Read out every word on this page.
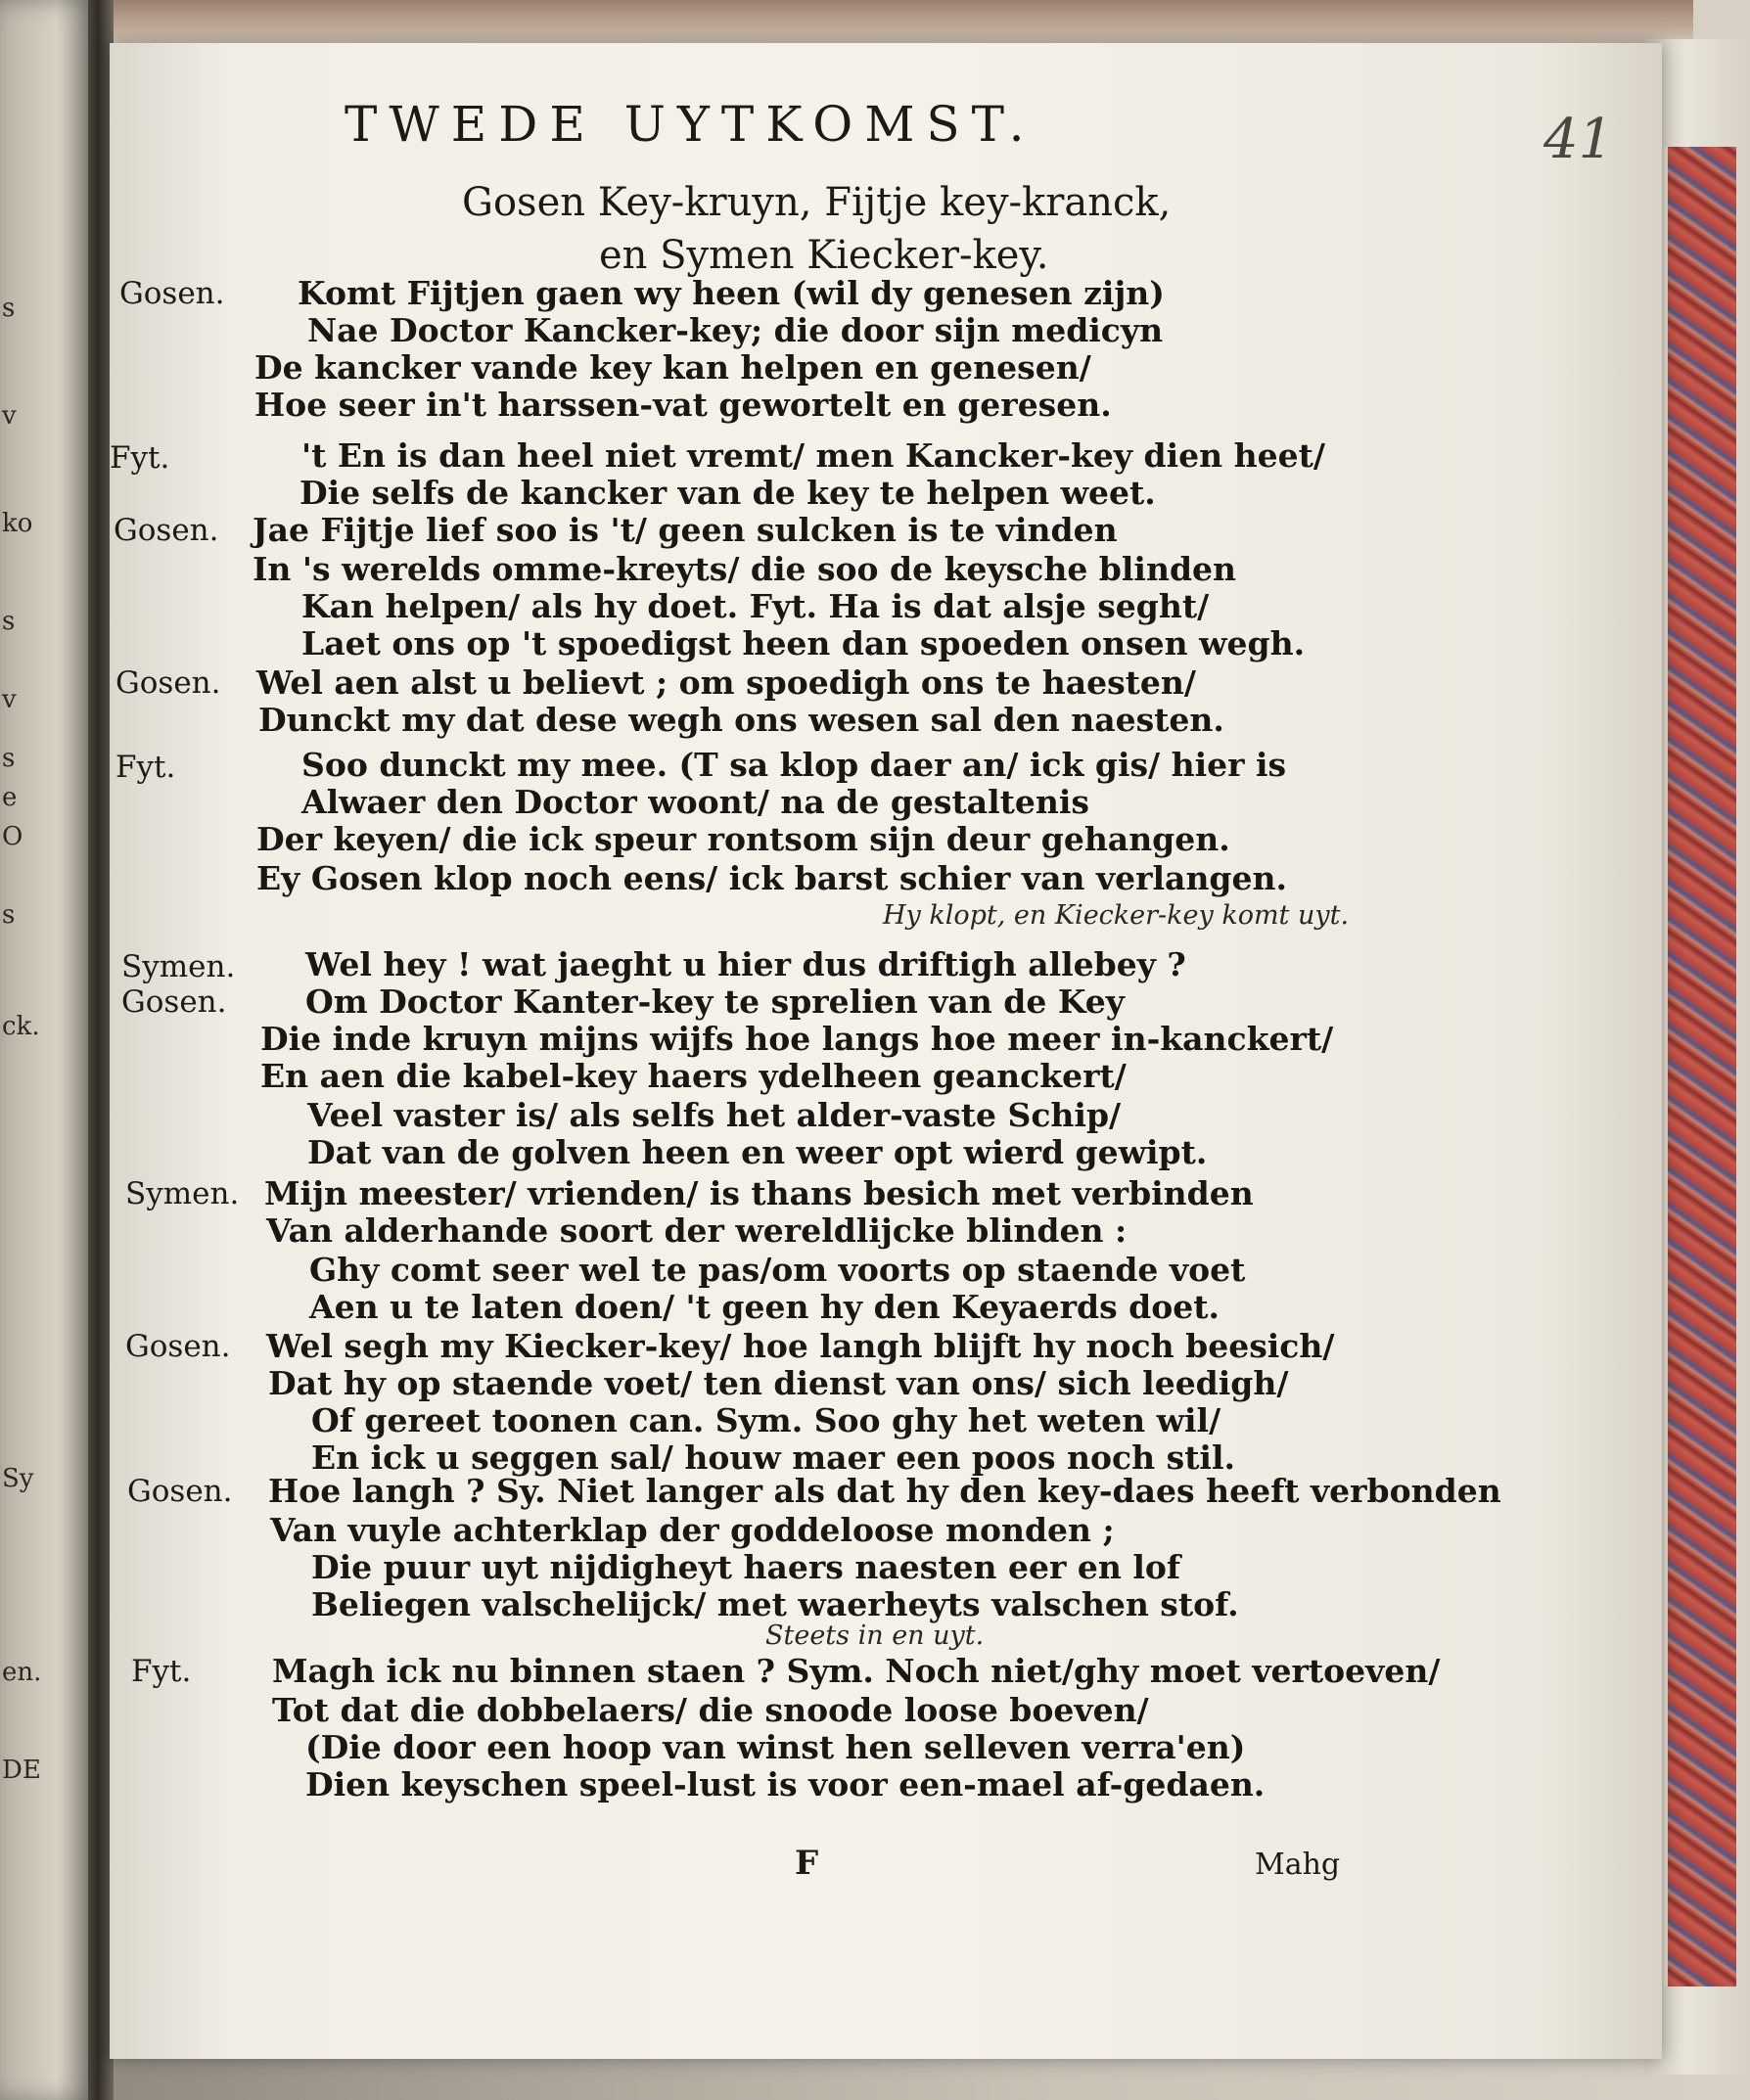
s
v
ko
s
v
s
e
O
s
ck.
Sy
en.
DE
TWEDE UYTKOMST.	41
Gosen Key-kruyn, Fijtje key-kranck,
en Symen Kiecker-key.
Gosen.
Fyt.
Gosen.
Gosen.
Fyt.
Symen.
Gosen.
Symen.
Gosen.
Gosen.
Fyt.
Komt Fijtjen gaen wy heen (wil dy genesen zijn)
Nae Doctor Kancker-key; die door sijn medicyn
De kancker vande key kan helpen en genesen/
Hoe seer in't harssen-vat gewortelt en geresen.
't En is dan heel niet vremt/ men Kancker-key dien heet/
Die selfs de kancker van de key te helpen weet.
Jae Fijtje lief soo is 't/ geen sulcken is te vinden
In 's werelds omme-kreyts/ die soo de keysche blinden
Kan helpen/ als hy doet. Fyt. Ha is dat alsje seght/
Laet ons op 't spoedigst heen dan spoeden onsen wegh.
Wel aen alst u believt ; om spoedigh ons te haesten/
Dunckt my dat dese wegh ons wesen sal den naesten.
Soo dunckt my mee. (T sa klop daer an/ ick gis/ hier is
Alwaer den Doctor woont/ na de gestaltenis
Der keyen/ die ick speur rontsom sijn deur gehangen.
Ey Gosen klop noch eens/ ick barst schier van verlangen.
Wel hey ! wat jaeght u hier dus driftigh allebey ?
Om Doctor Kanter-key te sprelien van de Key
Die inde kruyn mijns wijfs hoe langs hoe meer in-kanckert/
En aen die kabel-key haers ydelheen geanckert/
Veel vaster is/ als selfs het alder-vaste Schip/
Dat van de golven heen en weer opt wierd gewipt.
Mijn meester/ vrienden/ is thans besich met verbinden
Van alderhande soort der wereldlijcke blinden :
Ghy comt seer wel te pas/om voorts op staende voet
Aen u te laten doen/ 't geen hy den Keyaerds doet.
Wel segh my Kiecker-key/ hoe langh blijft hy noch beesich/
Dat hy op staende voet/ ten dienst van ons/ sich leedigh/
Of gereet toonen can. Sym. Soo ghy het weten wil/
En ick u seggen sal/ houw maer een poos noch stil.
Hoe langh ? Sy. Niet langer als dat hy den key-daes heeft verbonden
Van vuyle achterklap der goddeloose monden ;
Die puur uyt nijdigheyt haers naesten eer en lof
Beliegen valschelijck/ met waerheyts valschen stof.
Magh ick nu binnen staen ? Sym. Noch niet/ghy moet vertoeven/
Tot dat die dobbelaers/ die snoode loose boeven/
(Die door een hoop van winst hen selleven verra'en)
Dien keyschen speel-lust is voor een-mael af-gedaen.
Hy klopt, en Kiecker-key komt uyt.
Steets in en uyt.
F	Mahg
